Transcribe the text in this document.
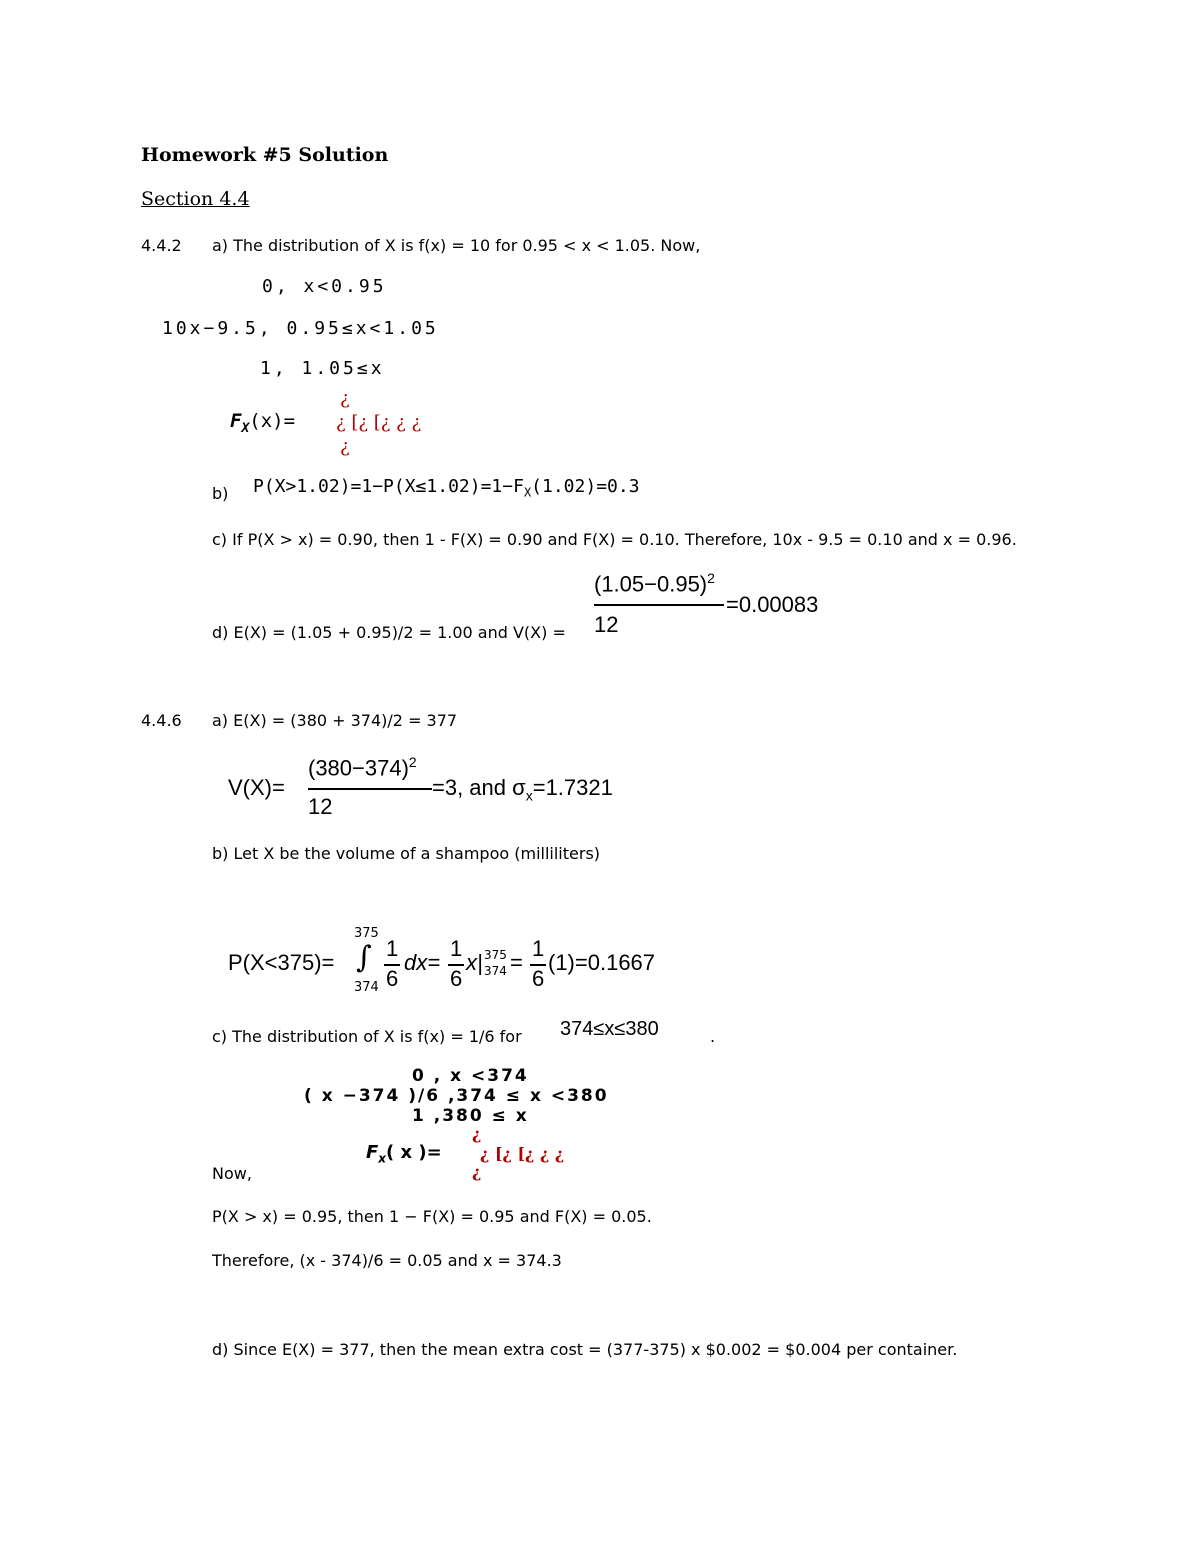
Homework #5 Solution
Section 4.4
4.4.2 a) The distribution of X is f(x) = 10 for 0.95 < x < 1.05. Now,
0, x<0.95
10x−9.5, 0.95≤x<1.05
1, 1.05≤x
¿
$F_X(x)=$ ¿ [¿ [¿ ¿ ¿
¿
b) $P(X>1.02)=1-P(X\le 1.02)=1-F_X(1.02)=0.3$
c) If P(X > x) = 0.90, then 1 - F(X) = 0.90 and F(X) = 0.10. Therefore, 10x - 9.5 = 0.10 and x = 0.96.
$(1.05-0.95)^2$
12
=0.00083
d) E(X) = (1.05 + 0.95)/2 = 1.00 and V(X) =
4.4.6 a) E(X) = (380 + 374)/2 = 377
V(X)=
$(380-374)^2$
12
=3, and $\sigma_x=1.7321$
b) Let X be the volume of a shampoo (milliliters)
P(X<375)=
375
∫
374
1
6
dx=
1
6
x| 375
374 =
1
6
(1)=0.1667
c) The distribution of X is f(x) = 1/6 for 374≤x≤380	.
0 , x <374
( x −374 )/6 ,374 ≤ x <380
1 ,380 ≤ x
¿
$F_x$( x )= ¿ [¿ [¿ ¿ ¿
¿
Now,
P(X > x) = 0.95, then 1 − F(X) = 0.95 and F(X) = 0.05.
Therefore, (x - 374)/6 = 0.05 and x = 374.3
d) Since E(X) = 377, then the mean extra cost = (377-375) x $0.002 = $0.004 per container.
